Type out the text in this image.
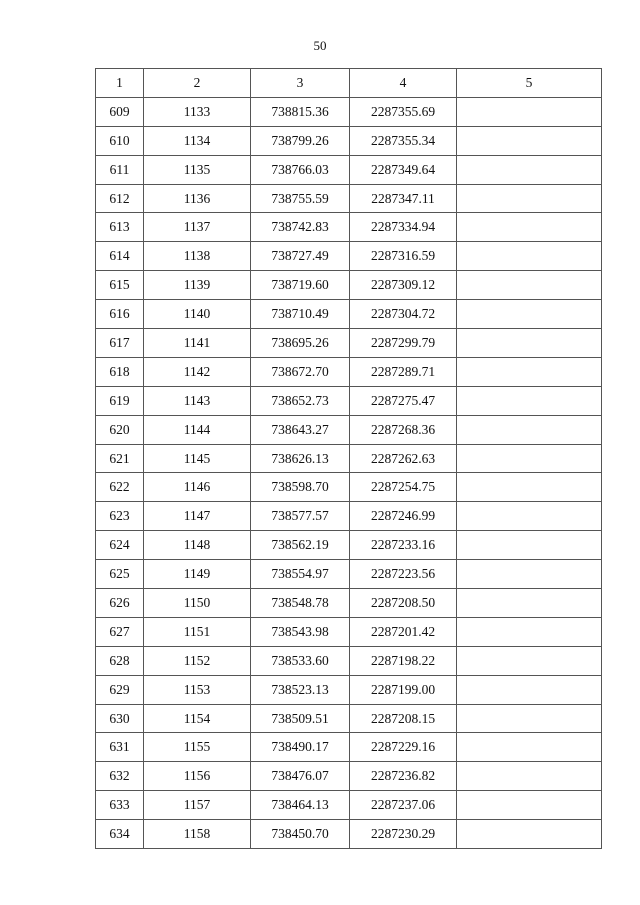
50
1	2	3	4	5
609	1133	738815.36	2287355.69	
610	1134	738799.26	2287355.34	
611	1135	738766.03	2287349.64	
612	1136	738755.59	2287347.11	
613	1137	738742.83	2287334.94	
614	1138	738727.49	2287316.59	
615	1139	738719.60	2287309.12	
616	1140	738710.49	2287304.72	
617	1141	738695.26	2287299.79	
618	1142	738672.70	2287289.71	
619	1143	738652.73	2287275.47	
620	1144	738643.27	2287268.36	
621	1145	738626.13	2287262.63	
622	1146	738598.70	2287254.75	
623	1147	738577.57	2287246.99	
624	1148	738562.19	2287233.16	
625	1149	738554.97	2287223.56	
626	1150	738548.78	2287208.50	
627	1151	738543.98	2287201.42	
628	1152	738533.60	2287198.22	
629	1153	738523.13	2287199.00	
630	1154	738509.51	2287208.15	
631	1155	738490.17	2287229.16	
632	1156	738476.07	2287236.82	
633	1157	738464.13	2287237.06	
634	1158	738450.70	2287230.29	
